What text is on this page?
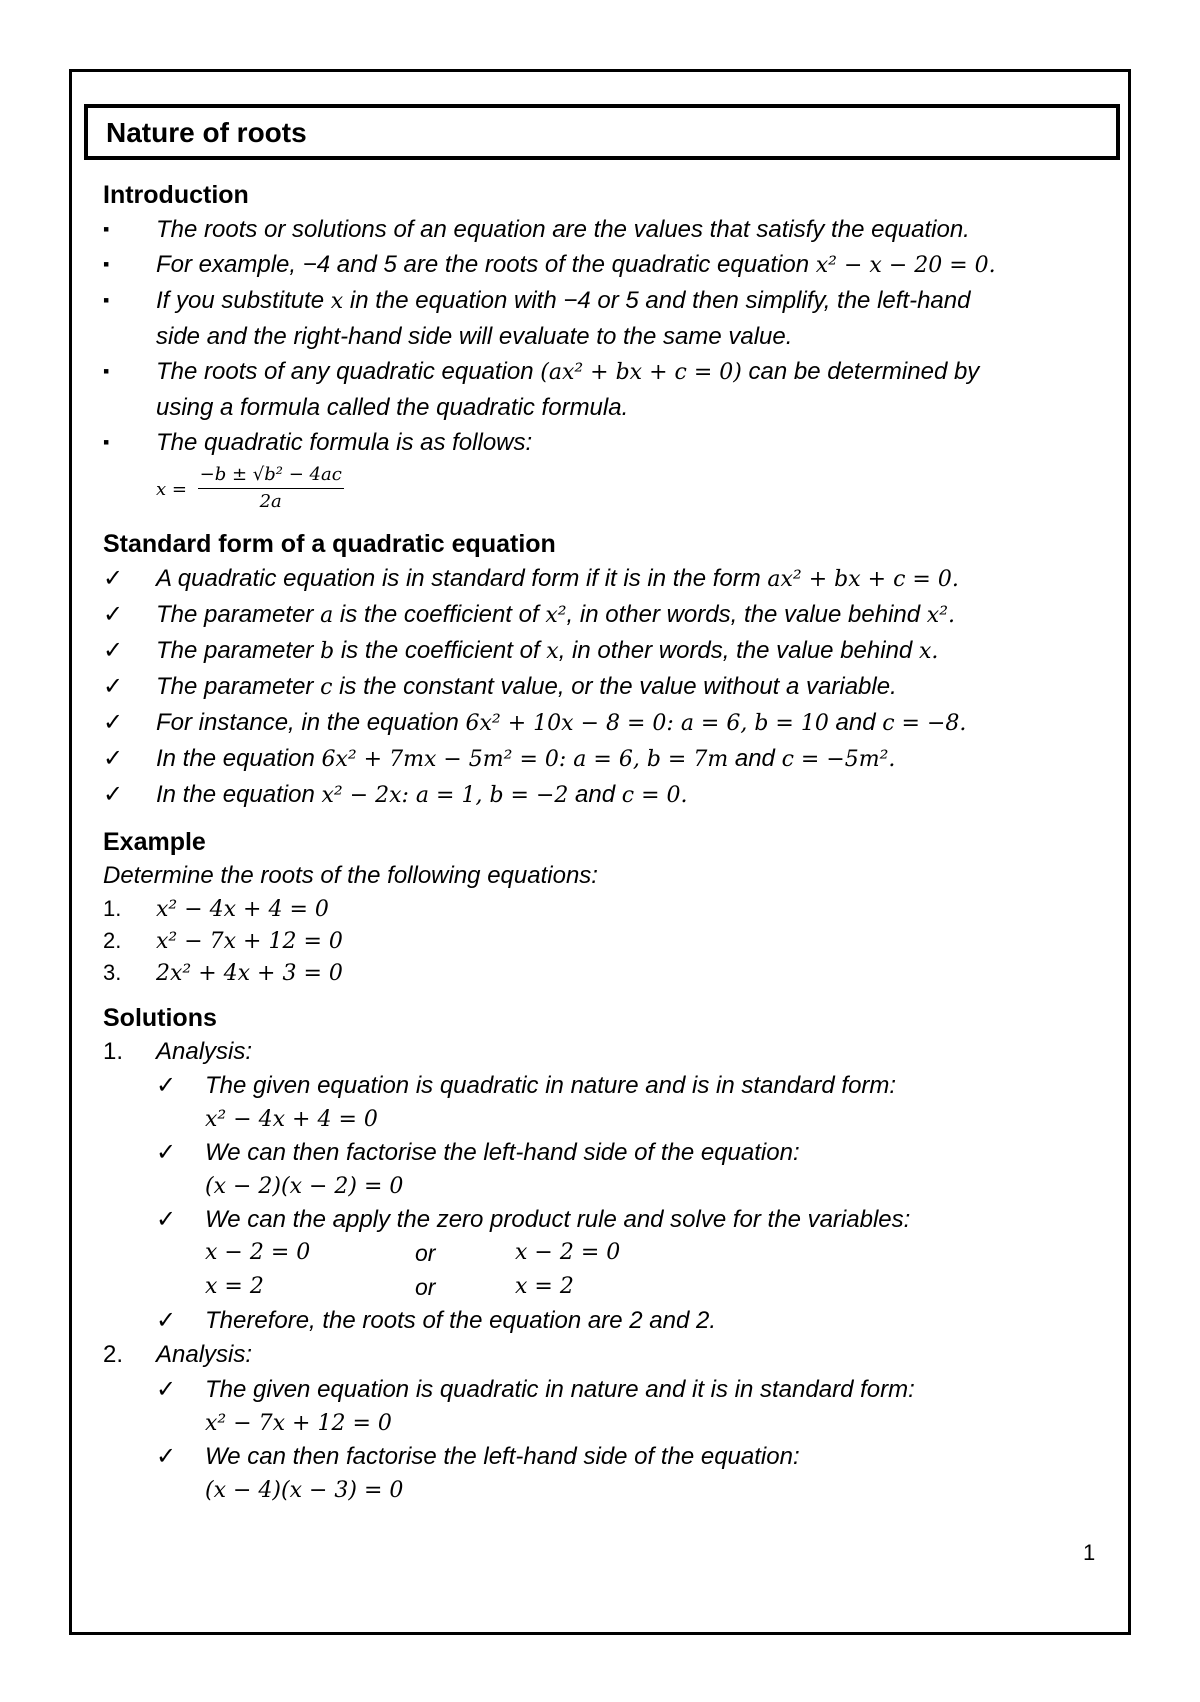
Nature of roots
Introduction
▪ The roots or solutions of an equation are the values that satisfy the equation.
▪ For example, −4 and 5 are the roots of the quadratic equation x² − x − 20 = 0.
▪ If you substitute x in the equation with −4 or 5 and then simplify, the left-hand
side and the right-hand side will evaluate to the same value.
▪ The roots of any quadratic equation (ax² + bx + c = 0) can be determined by
using a formula called the quadratic formula.
▪ The quadratic formula is as follows:
$x = \frac{\text{−b ± √b² − 4ac}}{2a}$
Standard form of a quadratic equation
✓ A quadratic equation is in standard form if it is in the form ax² + bx + c = 0.
✓ The parameter a is the coefficient of x², in other words, the value behind x².
✓ The parameter b is the coefficient of x, in other words, the value behind x.
✓ The parameter c is the constant value, or the value without a variable.
✓ For instance, in the equation 6x² + 10x − 8 = 0: a = 6, b = 10 and c = −8.
✓ In the equation 6x² + 7mx − 5m² = 0: a = 6, b = 7m and c = −5m².
✓ In the equation x² − 2x: a = 1, b = −2 and c = 0.
Example
Determine the roots of the following equations:
1. x² − 4x + 4 = 0
2. x² − 7x + 12 = 0
3. 2x² + 4x + 3 = 0
Solutions
1. Analysis:
✓ The given equation is quadratic in nature and is in standard form:
x² − 4x + 4 = 0
✓ We can then factorise the left-hand side of the equation:
(x − 2)(x − 2) = 0
✓ We can the apply the zero product rule and solve for the variables:
x − 2 = 0	or	x − 2 = 0
x = 2	or	x = 2
✓ Therefore, the roots of the equation are 2 and 2.
2. Analysis:
✓ The given equation is quadratic in nature and it is in standard form:
x² − 7x + 12 = 0
✓ We can then factorise the left-hand side of the equation:
(x − 4)(x − 3) = 0
1
